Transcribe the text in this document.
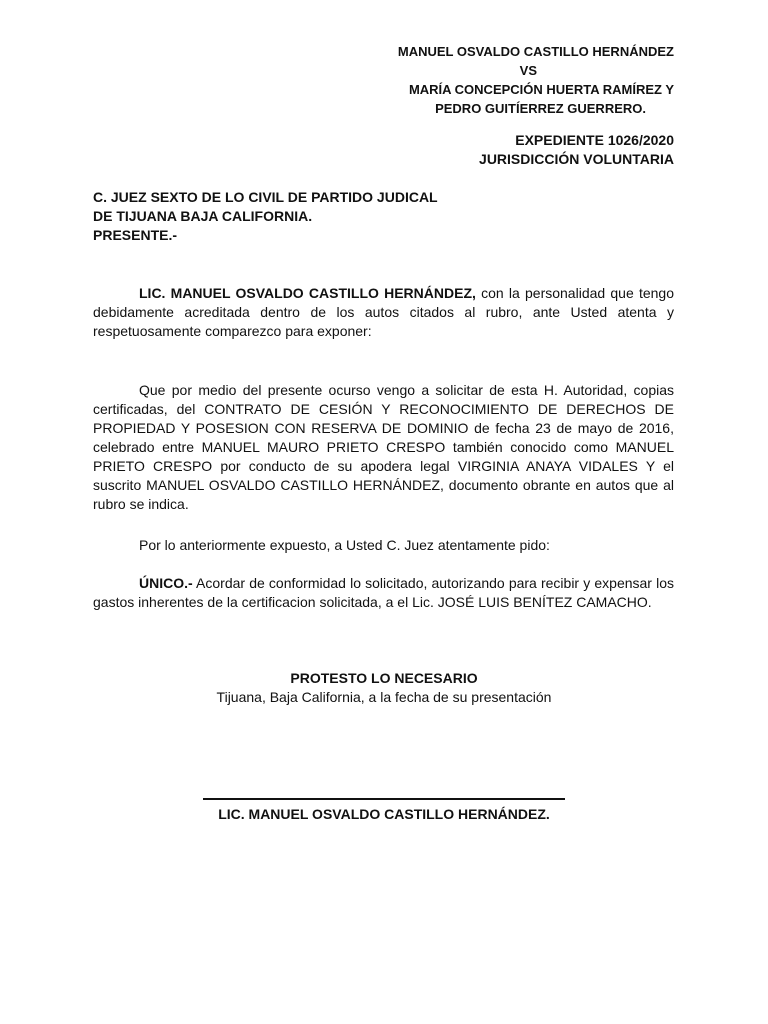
MANUEL OSVALDO CASTILLO HERNÁNDEZ
VS
MARÍA CONCEPCIÓN HUERTA RAMÍREZ Y
PEDRO GUITÍERREZ GUERRERO.
EXPEDIENTE 1026/2020
JURISDICCIÓN VOLUNTARIA
C. JUEZ SEXTO DE LO CIVIL DE PARTIDO JUDICAL
DE TIJUANA BAJA CALIFORNIA.
PRESENTE.-
LIC. MANUEL OSVALDO CASTILLO HERNÁNDEZ, con la personalidad que tengo debidamente acreditada dentro de los autos citados al rubro, ante Usted atenta y respetuosamente comparezco para exponer:
Que por medio del presente ocurso vengo a solicitar de esta H. Autoridad, copias certificadas, del CONTRATO DE CESIÓN Y RECONOCIMIENTO DE DERECHOS DE PROPIEDAD Y POSESION CON RESERVA DE DOMINIO de fecha 23 de mayo de 2016, celebrado entre MANUEL MAURO PRIETO CRESPO también conocido como MANUEL PRIETO CRESPO por conducto de su apodera legal VIRGINIA ANAYA VIDALES Y el suscrito MANUEL OSVALDO CASTILLO HERNÁNDEZ, documento obrante en autos que al rubro se indica.
Por lo anteriormente expuesto, a Usted C. Juez atentamente pido:
ÚNICO.- Acordar de conformidad lo solicitado, autorizando para recibir y expensar los gastos inherentes de la certificacion solicitada, a el Lic. JOSÉ LUIS BENÍTEZ CAMACHO.
PROTESTO LO NECESARIO
Tijuana, Baja California, a la fecha de su presentación
LIC. MANUEL OSVALDO CASTILLO HERNÁNDEZ.
